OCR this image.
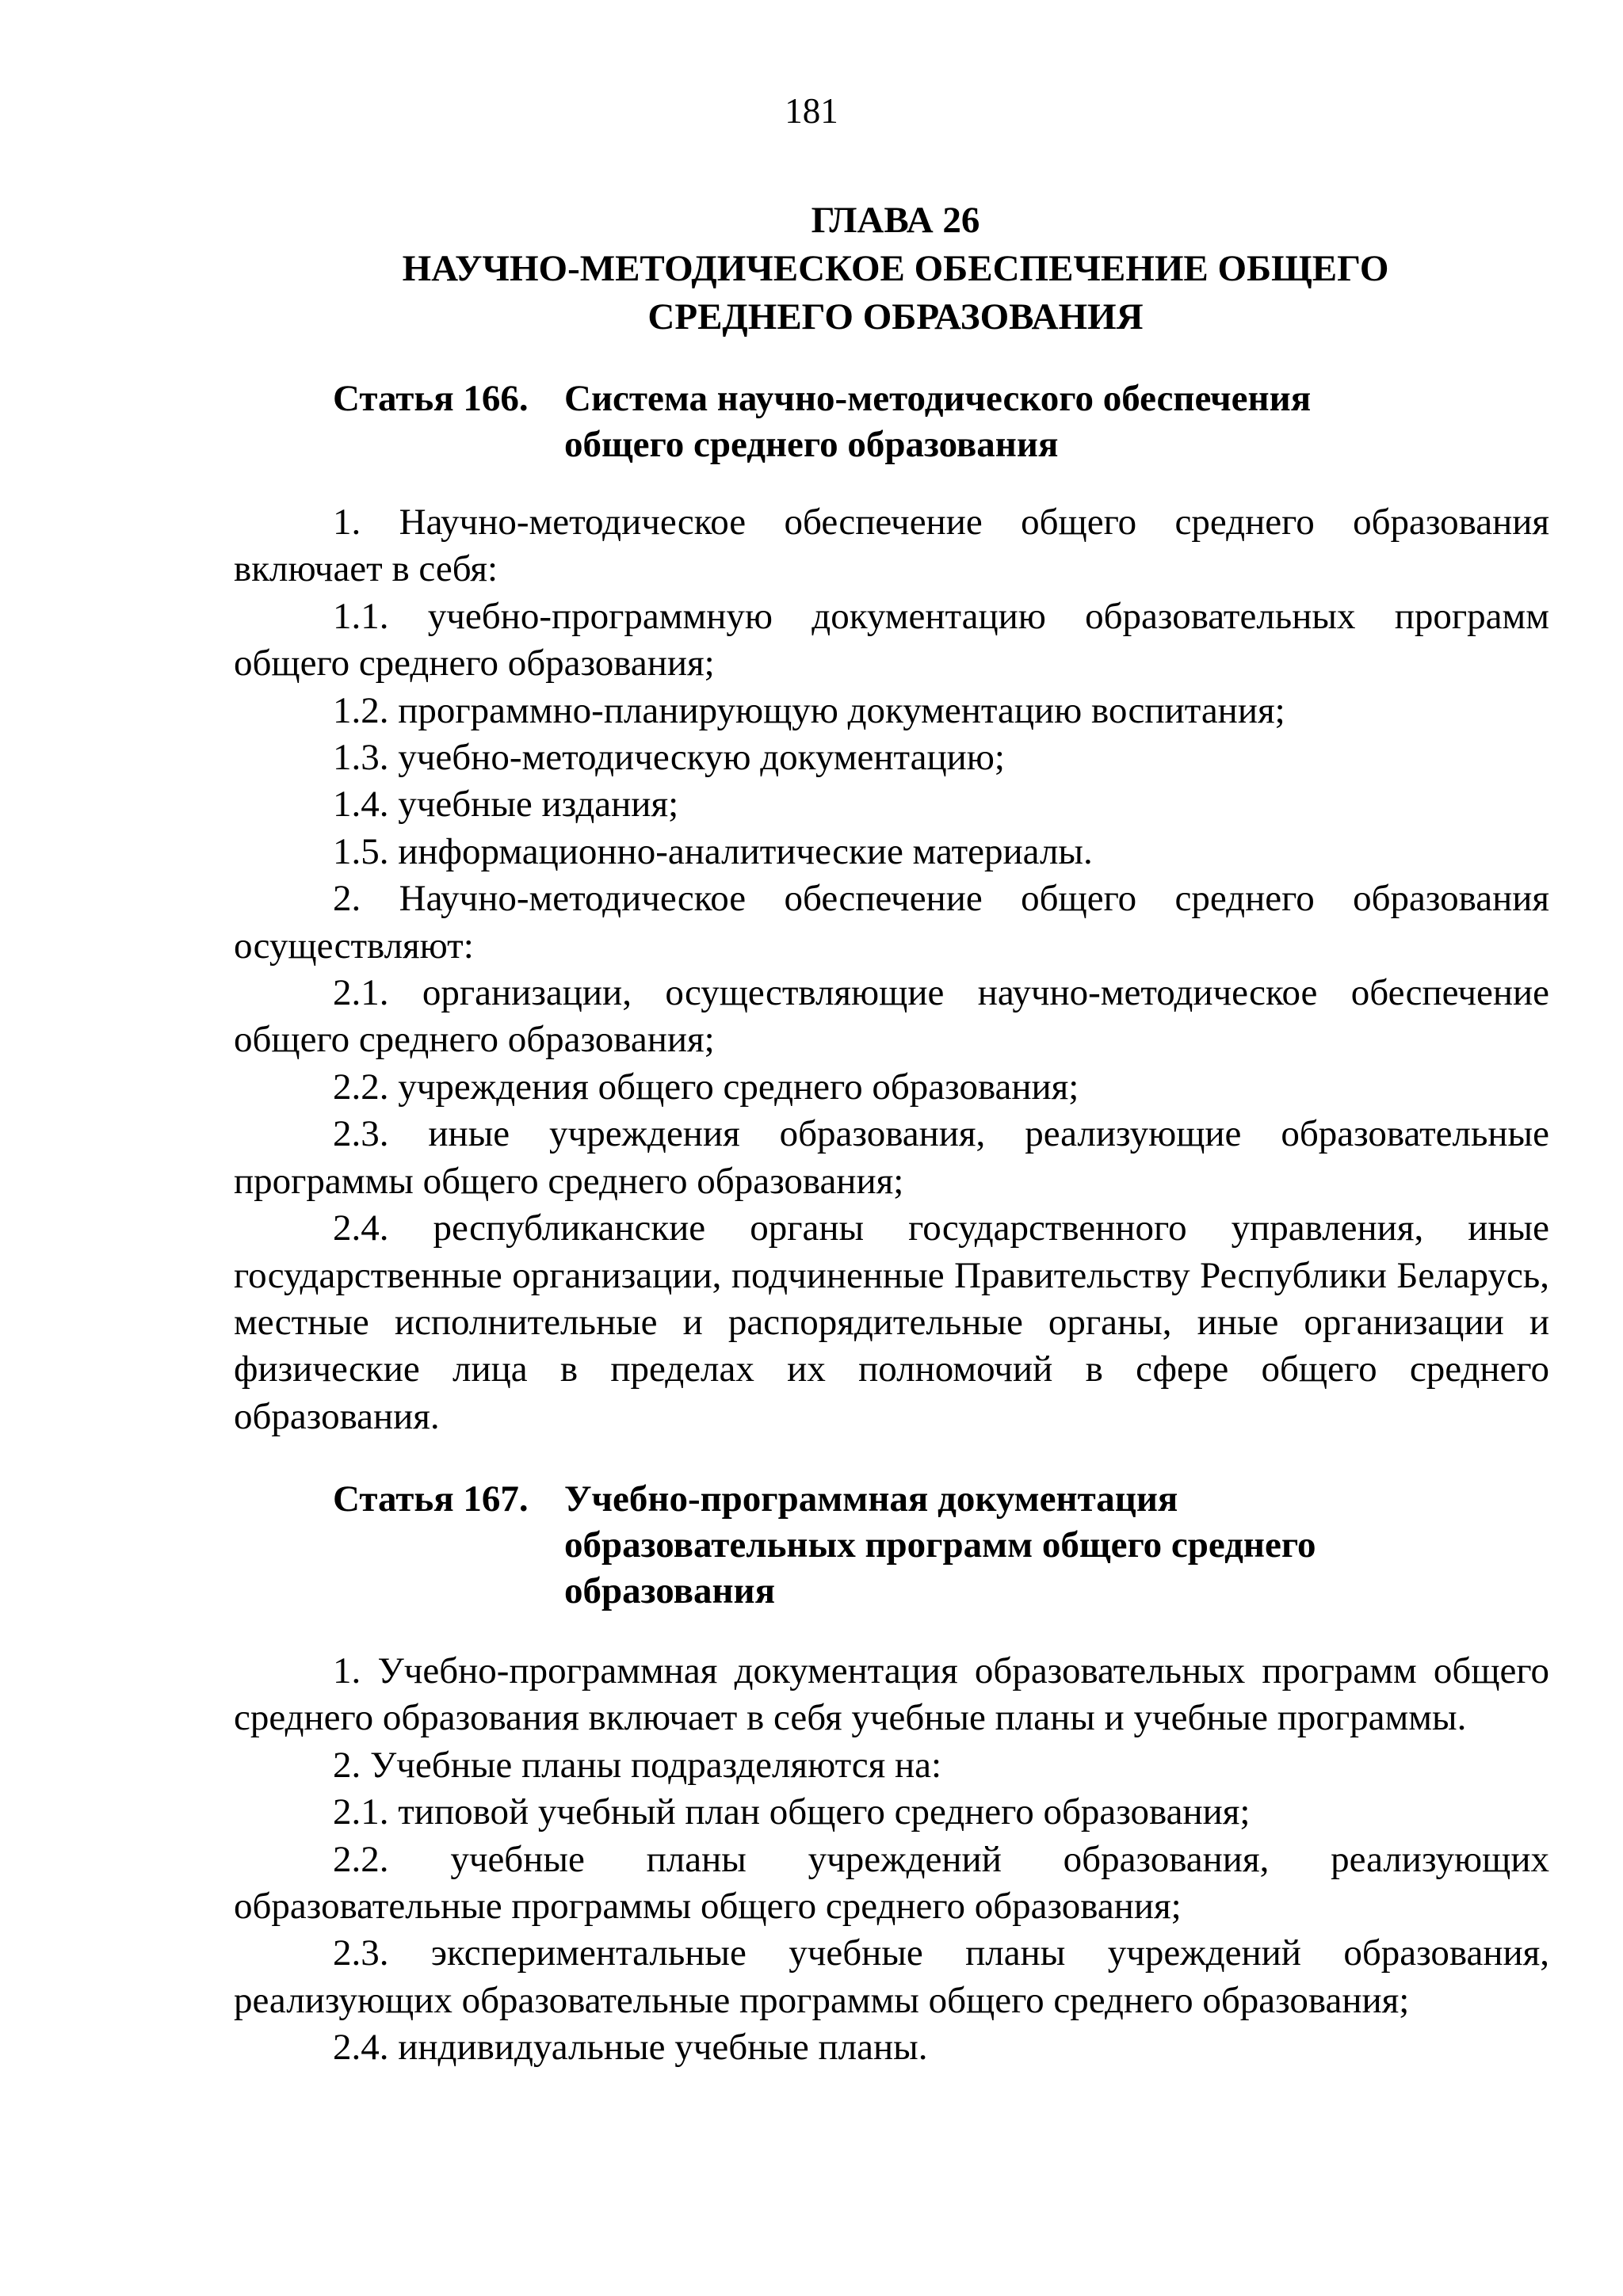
181
ГЛАВА 26
НАУЧНО-МЕТОДИЧЕСКОЕ ОБЕСПЕЧЕНИЕ ОБЩЕГО
СРЕДНЕГО ОБРАЗОВАНИЯ
Статья 166. Система научно-методического обеспечения
общего среднего образования

1. Научно-методическое обеспечение общего среднего образования включает в себя:

1.1. учебно-программную документацию образовательных программ общего среднего образования;

1.2. программно-планирующую документацию воспитания;

1.3. учебно-методическую документацию;

1.4. учебные издания;

1.5. информационно-аналитические материалы.

2. Научно-методическое обеспечение общего среднего образования осуществляют:

2.1. организации, осуществляющие научно-методическое обеспечение общего среднего образования;

2.2. учреждения общего среднего образования;

2.3. иные учреждения образования, реализующие образовательные программы общего среднего образования;

2.4. республиканские органы государственного управления, иные государственные организации, подчиненные Правительству Республики Беларусь, местные исполнительные и распорядительные органы, иные организации и физические лица в пределах их полномочий в сфере общего среднего образования.

Статья 167. Учебно-программная документация
образовательных программ общего среднего
образования

1. Учебно-программная документация образовательных программ общего среднего образования включает в себя учебные планы и учебные программы.

2. Учебные планы подразделяются на:

2.1. типовой учебный план общего среднего образования;

2.2. учебные планы учреждений образования, реализующих образовательные программы общего среднего образования;

2.3. экспериментальные учебные планы учреждений образования, реализующих образовательные программы общего среднего образования;

2.4. индивидуальные учебные планы.
